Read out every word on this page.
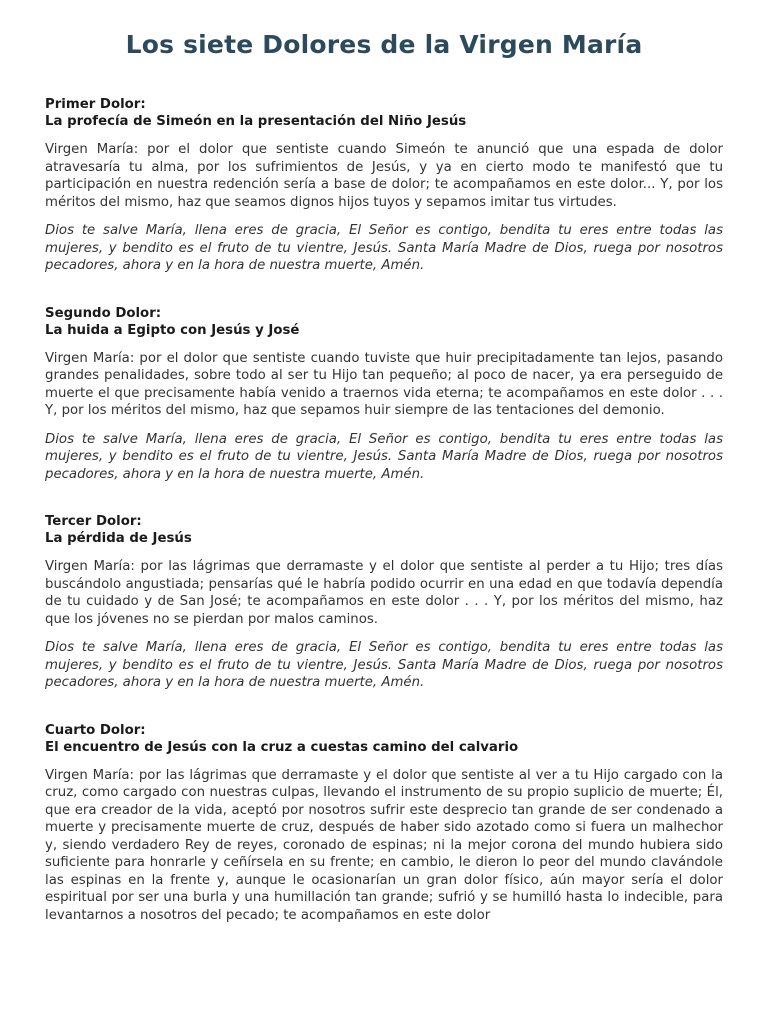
Los siete Dolores de la Virgen María

Primer Dolor:
La profecía de Simeón en la presentación del Niño Jesús

Virgen María: por el dolor que sentiste cuando Simeón te anunció que una espada de dolor atravesaría tu alma, por los sufrimientos de Jesús, y ya en cierto modo te manifestó que tu participación en nuestra redención sería a base de dolor; te acompañamos en este dolor... Y, por los méritos del mismo, haz que seamos dignos hijos tuyos y sepamos imitar tus virtudes.

Dios te salve María, llena eres de gracia, El Señor es contigo, bendita tu eres entre todas las mujeres, y bendito es el fruto de tu vientre, Jesús. Santa María Madre de Dios, ruega por nosotros pecadores, ahora y en la hora de nuestra muerte, Amén.

Segundo Dolor:
La huida a Egipto con Jesús y José

Virgen María: por el dolor que sentiste cuando tuviste que huir precipitadamente tan lejos, pasando grandes penalidades, sobre todo al ser tu Hijo tan pequeño; al poco de nacer, ya era perseguido de muerte el que precisamente había venido a traernos vida eterna; te acompañamos en este dolor . . . Y, por los méritos del mismo, haz que sepamos huir siempre de las tentaciones del demonio.

Dios te salve María, llena eres de gracia, El Señor es contigo, bendita tu eres entre todas las mujeres, y bendito es el fruto de tu vientre, Jesús. Santa María Madre de Dios, ruega por nosotros pecadores, ahora y en la hora de nuestra muerte, Amén.

Tercer Dolor:
La pérdida de Jesús

Virgen María: por las lágrimas que derramaste y el dolor que sentiste al perder a tu Hijo; tres días buscándolo angustiada; pensarías qué le habría podido ocurrir en una edad en que todavía dependía de tu cuidado y de San José; te acompañamos en este dolor . . . Y, por los méritos del mismo, haz que los jóvenes no se pierdan por malos caminos.

Dios te salve María, llena eres de gracia, El Señor es contigo, bendita tu eres entre todas las mujeres, y bendito es el fruto de tu vientre, Jesús. Santa María Madre de Dios, ruega por nosotros pecadores, ahora y en la hora de nuestra muerte, Amén.

Cuarto Dolor:
El encuentro de Jesús con la cruz a cuestas camino del calvario

Virgen María: por las lágrimas que derramaste y el dolor que sentiste al ver a tu Hijo cargado con la cruz, como cargado con nuestras culpas, llevando el instrumento de su propio suplicio de muerte; Él, que era creador de la vida, aceptó por nosotros sufrir este desprecio tan grande de ser condenado a muerte y precisamente muerte de cruz, después de haber sido azotado como si fuera un malhechor y, siendo verdadero Rey de reyes, coronado de espinas; ni la mejor corona del mundo hubiera sido suficiente para honrarle y ceñírsela en su frente; en cambio, le dieron lo peor del mundo clavándole las espinas en la frente y, aunque le ocasionarían un gran dolor físico, aún mayor sería el dolor espiritual por ser una burla y una humillación tan grande; sufrió y se humilló hasta lo indecible, para levantarnos a nosotros del pecado; te acompañamos en este dolor
